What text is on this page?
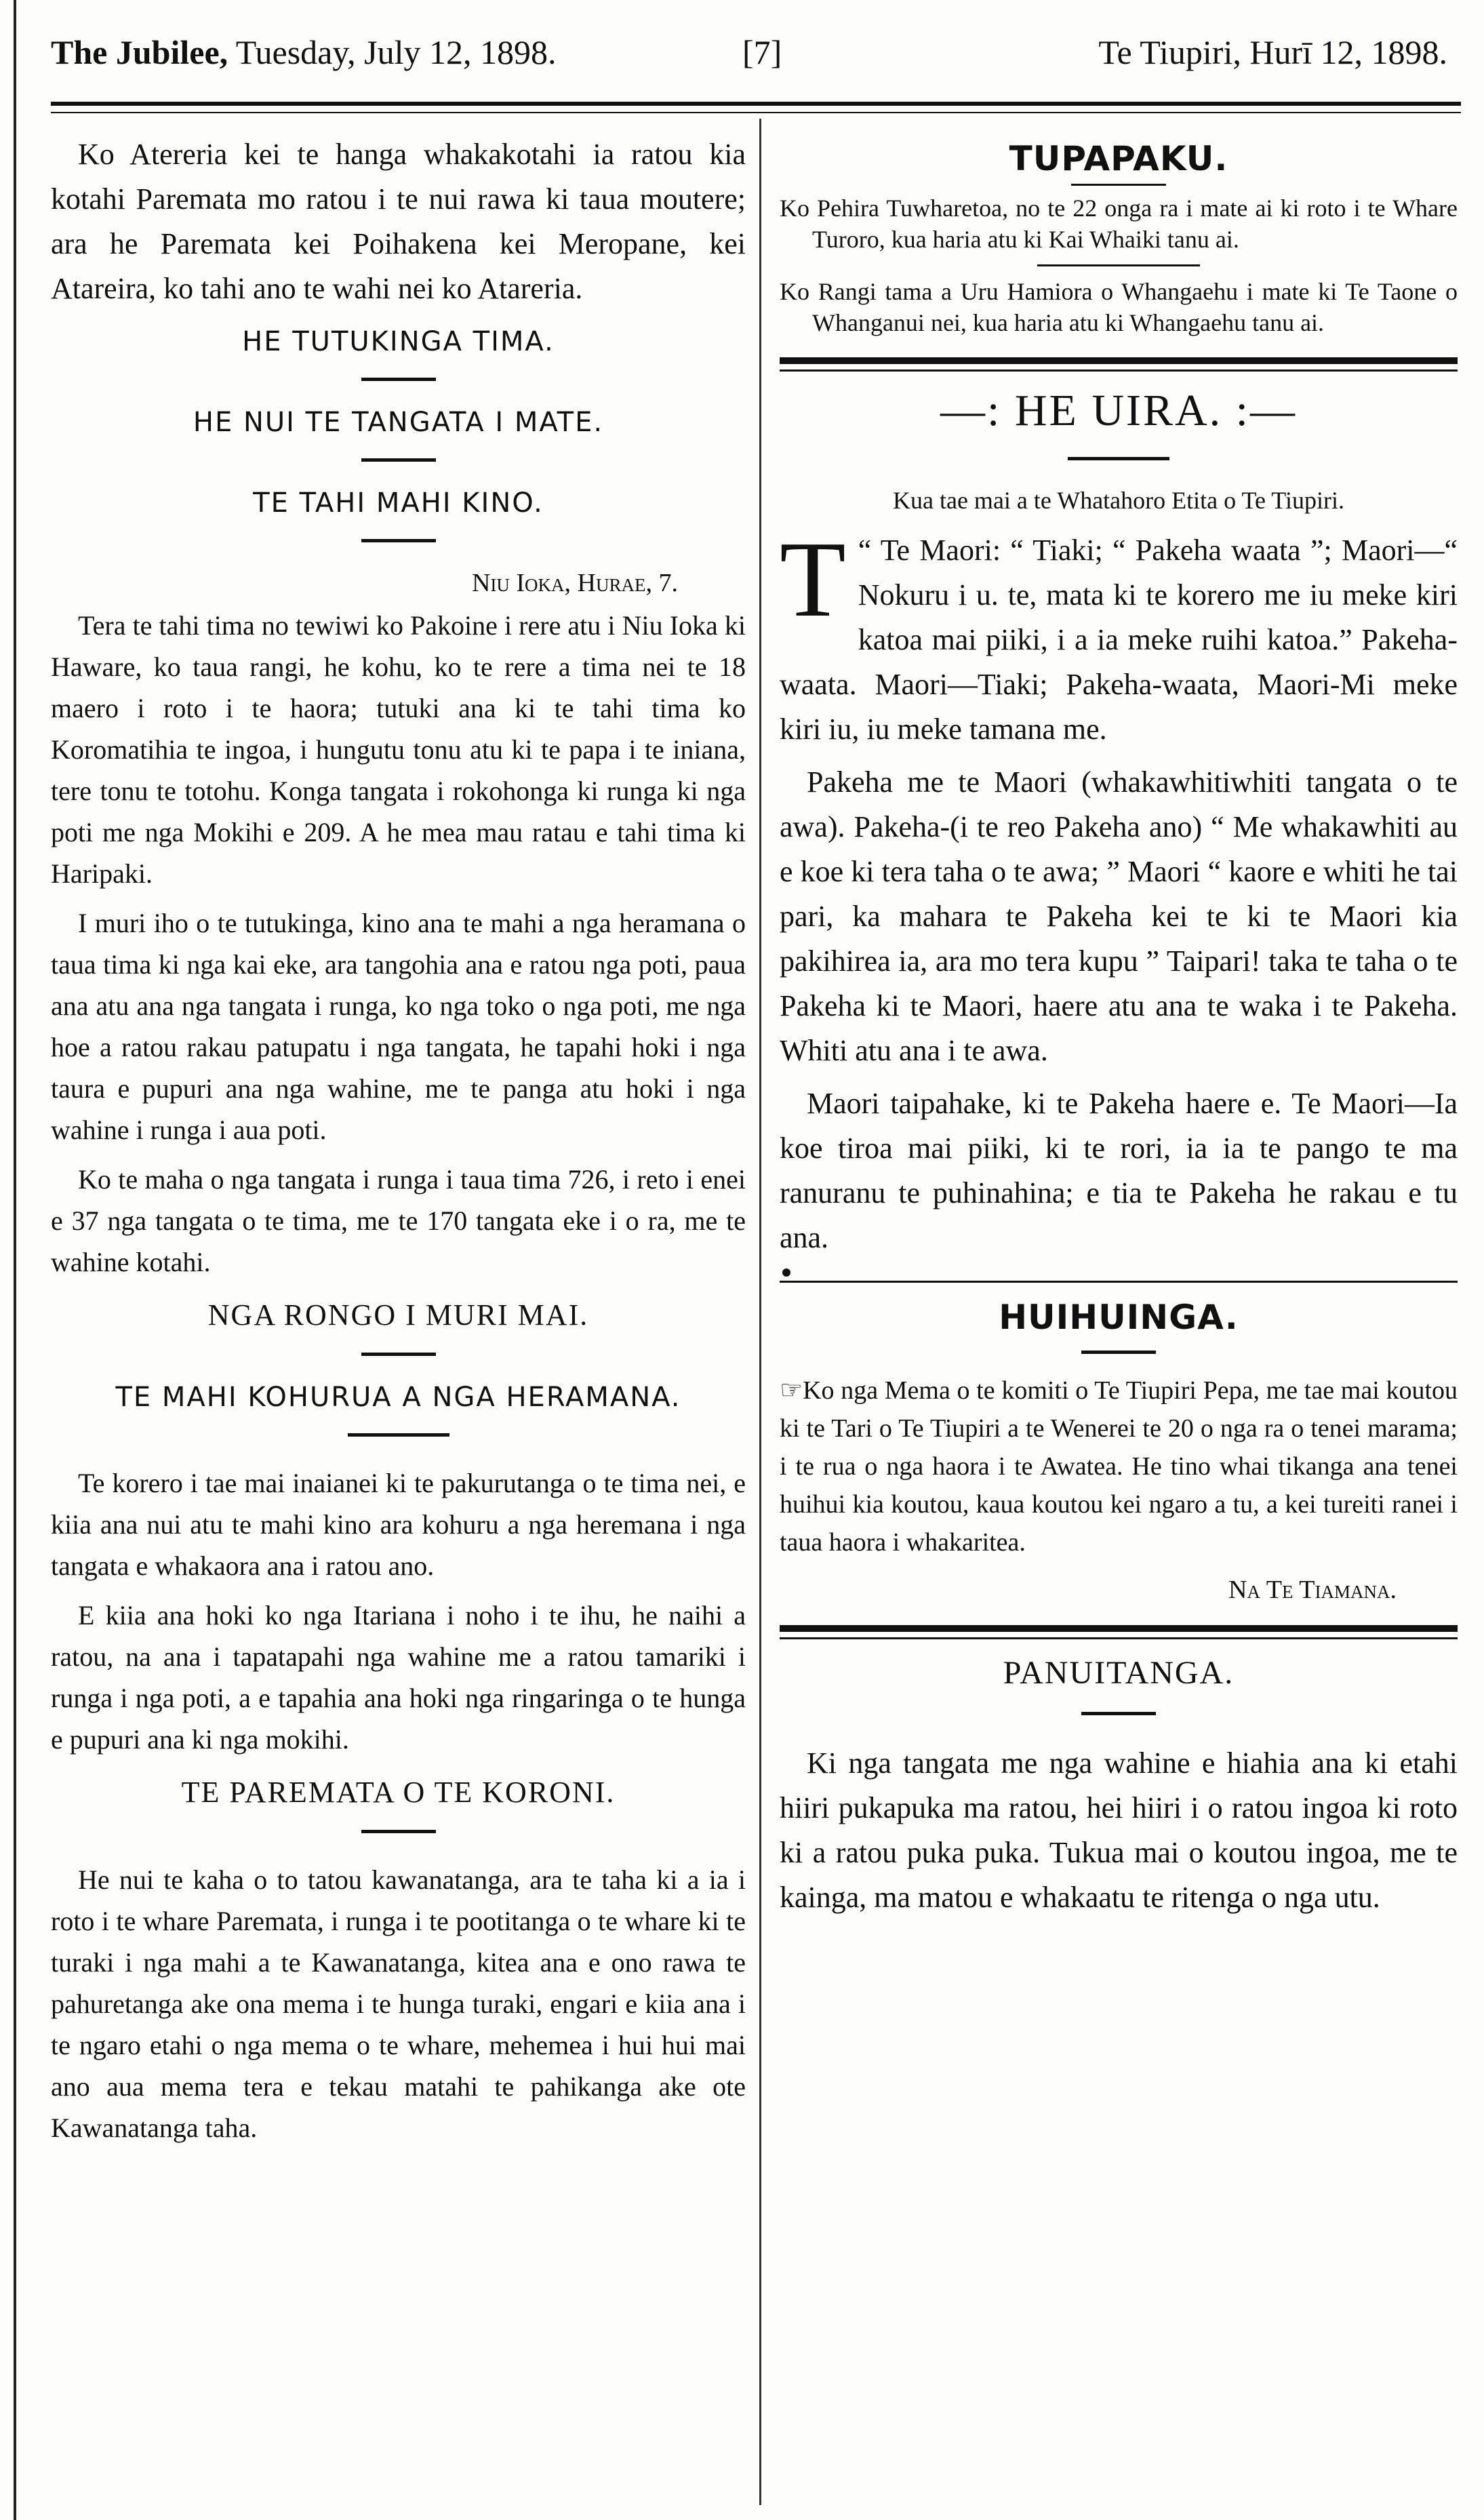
The Jubilee, Tuesday, July 12, 1898.	[7]	Te Tiupiri, Hurī 12, 1898.

Ko Atereria kei te hanga whakakotahi ia ratou kia kotahi Paremata mo ratou i te nui rawa ki taua moutere; ara he Paremata kei Poihakena kei Meropane, kei Atareira, ko tahi ano te wahi nei ko Atareria.

HE TUTUKINGA TIMA.
HE NUI TE TANGATA I MATE.
TE TAHI MAHI KINO.
Niu Ioka, Hurae, 7.

Tera te tahi tima no tewiwi ko Pakoine i rere atu i Niu Ioka ki Haware, ko taua rangi, he kohu, ko te rere a tima nei te 18 maero i roto i te haora; tutuki ana ki te tahi tima ko Koromatihia te ingoa, i hungutu tonu atu ki te papa i te iniana, tere tonu te totohu. Konga tangata i rokohonga ki runga ki nga poti me nga Mokihi e 209. A he mea mau ratau e tahi tima ki Haripaki.

I muri iho o te tutukinga, kino ana te mahi a nga heramana o taua tima ki nga kai eke, ara tangohia ana e ratou nga poti, paua ana atu ana nga tangata i runga, ko nga toko o nga poti, me nga hoe a ratou rakau patupatu i nga tangata, he tapahi hoki i nga taura e pupuri ana nga wahine, me te panga atu hoki i nga wahine i runga i aua poti.

Ko te maha o nga tangata i runga i taua tima 726, i reto i enei e 37 nga tangata o te tima, me te 170 tangata eke i o ra, me te wahine kotahi.

NGA RONGO I MURI MAI.
TE MAHI KOHURUA A NGA HERAMANA.

Te korero i tae mai inaianei ki te pakurutanga o te tima nei, e kiia ana nui atu te mahi kino ara kohuru a nga heremana i nga tangata e whakaora ana i ratou ano.

E kiia ana hoki ko nga Itariana i noho i te ihu, he naihi a ratou, na ana i tapatapahi nga wahine me a ratou tamariki i runga i nga poti, a e tapahia ana hoki nga ringaringa o te hunga e pupuri ana ki nga mokihi.

TE PAREMATA O TE KORONI.

He nui te kaha o to tatou kawanatanga, ara te taha ki a ia i roto i te whare Paremata, i runga i te pootitanga o te whare ki te turaki i nga mahi a te Kawanatanga, kitea ana e ono rawa te pahuretanga ake ona mema i te hunga turaki, engari e kiia ana i te ngaro etahi o nga mema o te whare, mehemea i hui hui mai ano aua mema tera e tekau matahi te pahikanga ake ote Kawanatanga taha.

TUPAPAKU.

Ko Pehira Tuwharetoa, no te 22 onga ra i mate ai ki roto i te Whare Turoro, kua haria atu ki Kai Whaiki tanu ai.

Ko Rangi tama a Uru Hamiora o Whangaehu i mate ki Te Taone o Whanganui nei, kua haria atu ki Whangaehu tanu ai.

—: HE UIRA. :—
Kua tae mai a te Whatahoro Etita o Te Tiupiri.

T “ Te Maori: “ Tiaki; “ Pakeha waata ”; Maori—“ Nokuru i u. te, mata ki te korero me iu meke kiri katoa mai piiki, i a ia meke ruihi katoa.” Pakeha-waata. Maori—Tiaki; Pakeha-waata, Maori-Mi meke kiri iu, iu meke tamana me.

Pakeha me te Maori (whakawhitiwhiti tangata o te awa). Pakeha-(i te reo Pakeha ano) “ Me whakawhiti au e koe ki tera taha o te awa; ” Maori “ kaore e whiti he tai pari, ka mahara te Pakeha kei te ki te Maori kia pakihirea ia, ara mo tera kupu ” Taipari! taka te taha o te Pakeha ki te Maori, haere atu ana te waka i te Pakeha. Whiti atu ana i te awa.

Maori taipahake, ki te Pakeha haere e. Te Maori—Ia koe tiroa mai piiki, ki te rori, ia ia te pango te ma ranuranu te puhinahina; e tia te Pakeha he rakau e tu ana.

HUIHUINGA.

☞Ko nga Mema o te komiti o Te Tiupiri Pepa, me tae mai koutou ki te Tari o Te Tiupiri a te Wenerei te 20 o nga ra o tenei marama; i te rua o nga haora i te Awatea. He tino whai tikanga ana tenei huihui kia koutou, kaua koutou kei ngaro a tu, a kei tureiti ranei i taua haora i whakaritea.

Na Te Tiamana.
PANUITANGA.

Ki nga tangata me nga wahine e hiahia ana ki etahi hiiri pukapuka ma ratou, hei hiiri i o ratou ingoa ki roto ki a ratou puka puka. Tukua mai o koutou ingoa, me te kainga, ma matou e whakaatu te ritenga o nga utu.
